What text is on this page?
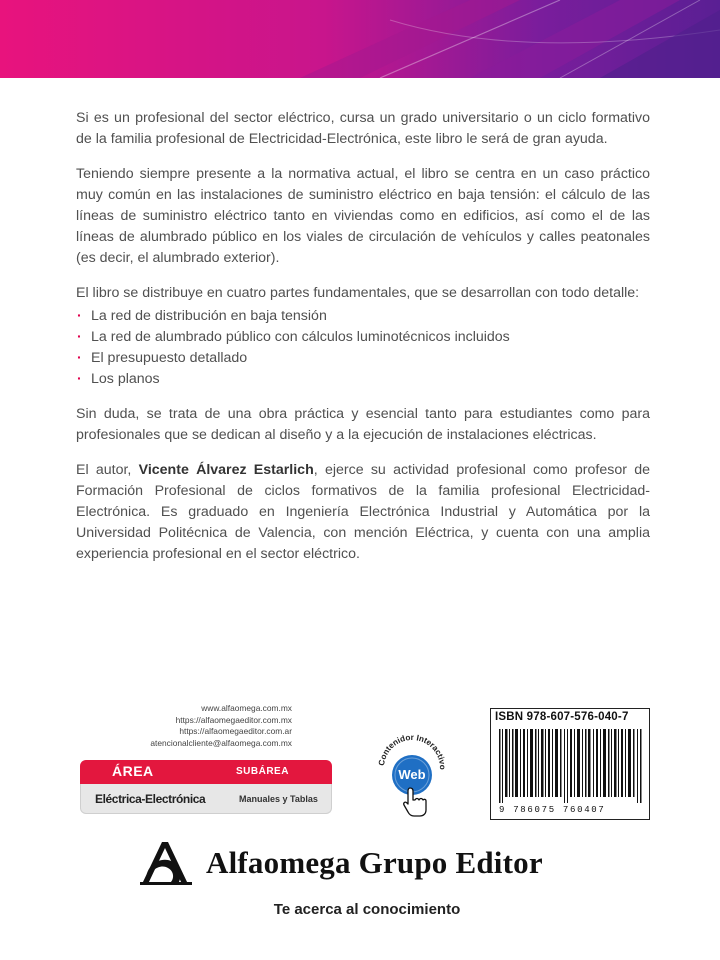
Si es un profesional del sector eléctrico, cursa un grado universitario o un ciclo formativo de la familia profesional de Electricidad-Electrónica, este libro le será de gran ayuda.

Teniendo siempre presente a la normativa actual, el libro se centra en un caso práctico muy común en las instalaciones de suministro eléctrico en baja tensión: el cálculo de las líneas de suministro eléctrico tanto en viviendas como en edificios, así como el de las líneas de alumbrado público en los viales de circulación de vehículos y calles peatonales (es decir, el alumbrado exterior).

El libro se distribuye en cuatro partes fundamentales, que se desarrollan con todo detalle:

· La red de distribución en baja tensión
· La red de alumbrado público con cálculos luminotécnicos incluidos
· El presupuesto detallado
· Los planos

Sin duda, se trata de una obra práctica y esencial tanto para estudiantes como para profesionales que se dedican al diseño y a la ejecución de instalaciones eléctricas.

El autor, Vicente Álvarez Estarlich, ejerce su actividad profesional como profesor de Formación Profesional de ciclos formativos de la familia profesional Electricidad-Electrónica. Es graduado en Ingeniería Electrónica Industrial y Automática por la Universidad Politécnica de Valencia, con mención Eléctrica, y cuenta con una amplia experiencia profesional en el sector eléctrico.

www.alfaomega.com.mx
https://alfaomegaeditor.com.mx
https://alfaomegaeditor.com.ar
atencionalcliente@alfaomega.com.mx
ÁREA	SUBÁREA
Eléctrica-Electrónica	Manuales y Tablas
Contenidor Interactivo
Web
ISBN 978-607-576-040-7
9 786075 760407
Alfaomega Grupo Editor
Te acerca al conocimiento
